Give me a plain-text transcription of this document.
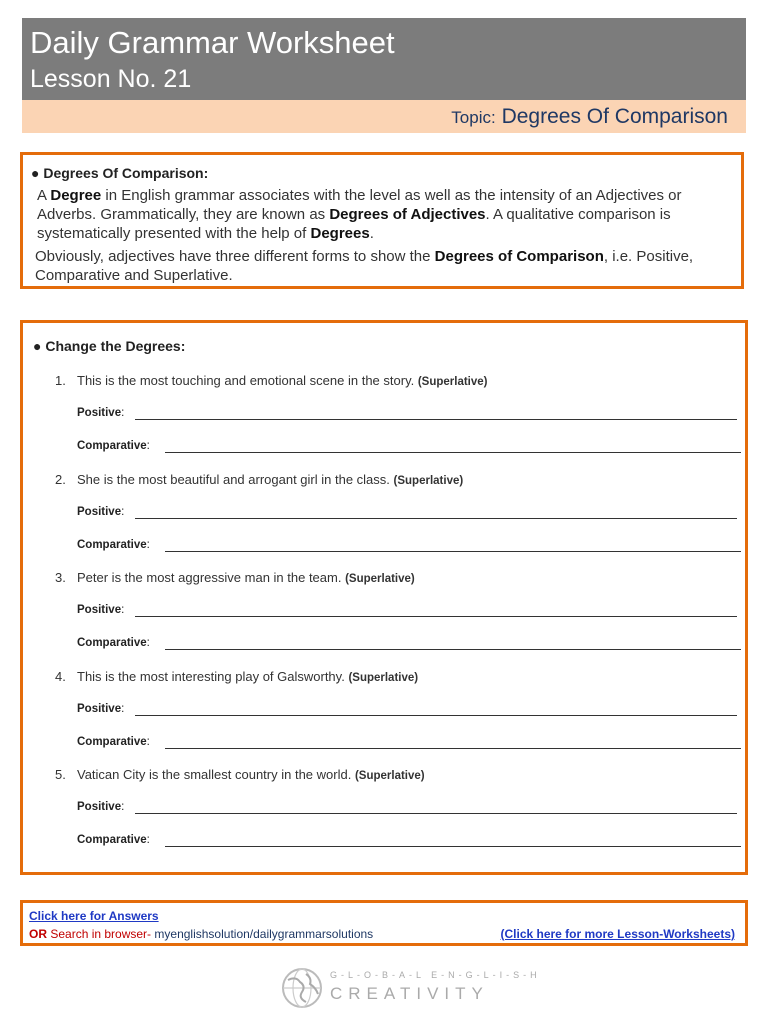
Daily Grammar Worksheet
Lesson No. 21
Topic: Degrees Of Comparison
● Degrees Of Comparison:
A Degree in English grammar associates with the level as well as the intensity of an Adjectives or Adverbs. Grammatically, they are known as Degrees of Adjectives. A qualitative comparison is systematically presented with the help of Degrees.
Obviously, adjectives have three different forms to show the Degrees of Comparison, i.e. Positive, Comparative and Superlative.
● Change the Degrees:
1. This is the most touching and emotional scene in the story. (Superlative)
Positive:
Comparative:
2. She is the most beautiful and arrogant girl in the class. (Superlative)
Positive:
Comparative:
3. Peter is the most aggressive man in the team. (Superlative)
Positive:
Comparative:
4. This is the most interesting play of Galsworthy. (Superlative)
Positive:
Comparative:
5. Vatican City is the smallest country in the world. (Superlative)
Positive:
Comparative:
Click here for Answers
OR Search in browser- myenglishsolution/dailygrammarsolutions	(Click here for more Lesson-Worksheets)
G-L-O-B-A-L E-N-G-L-I-S-H
CREATIVITY
